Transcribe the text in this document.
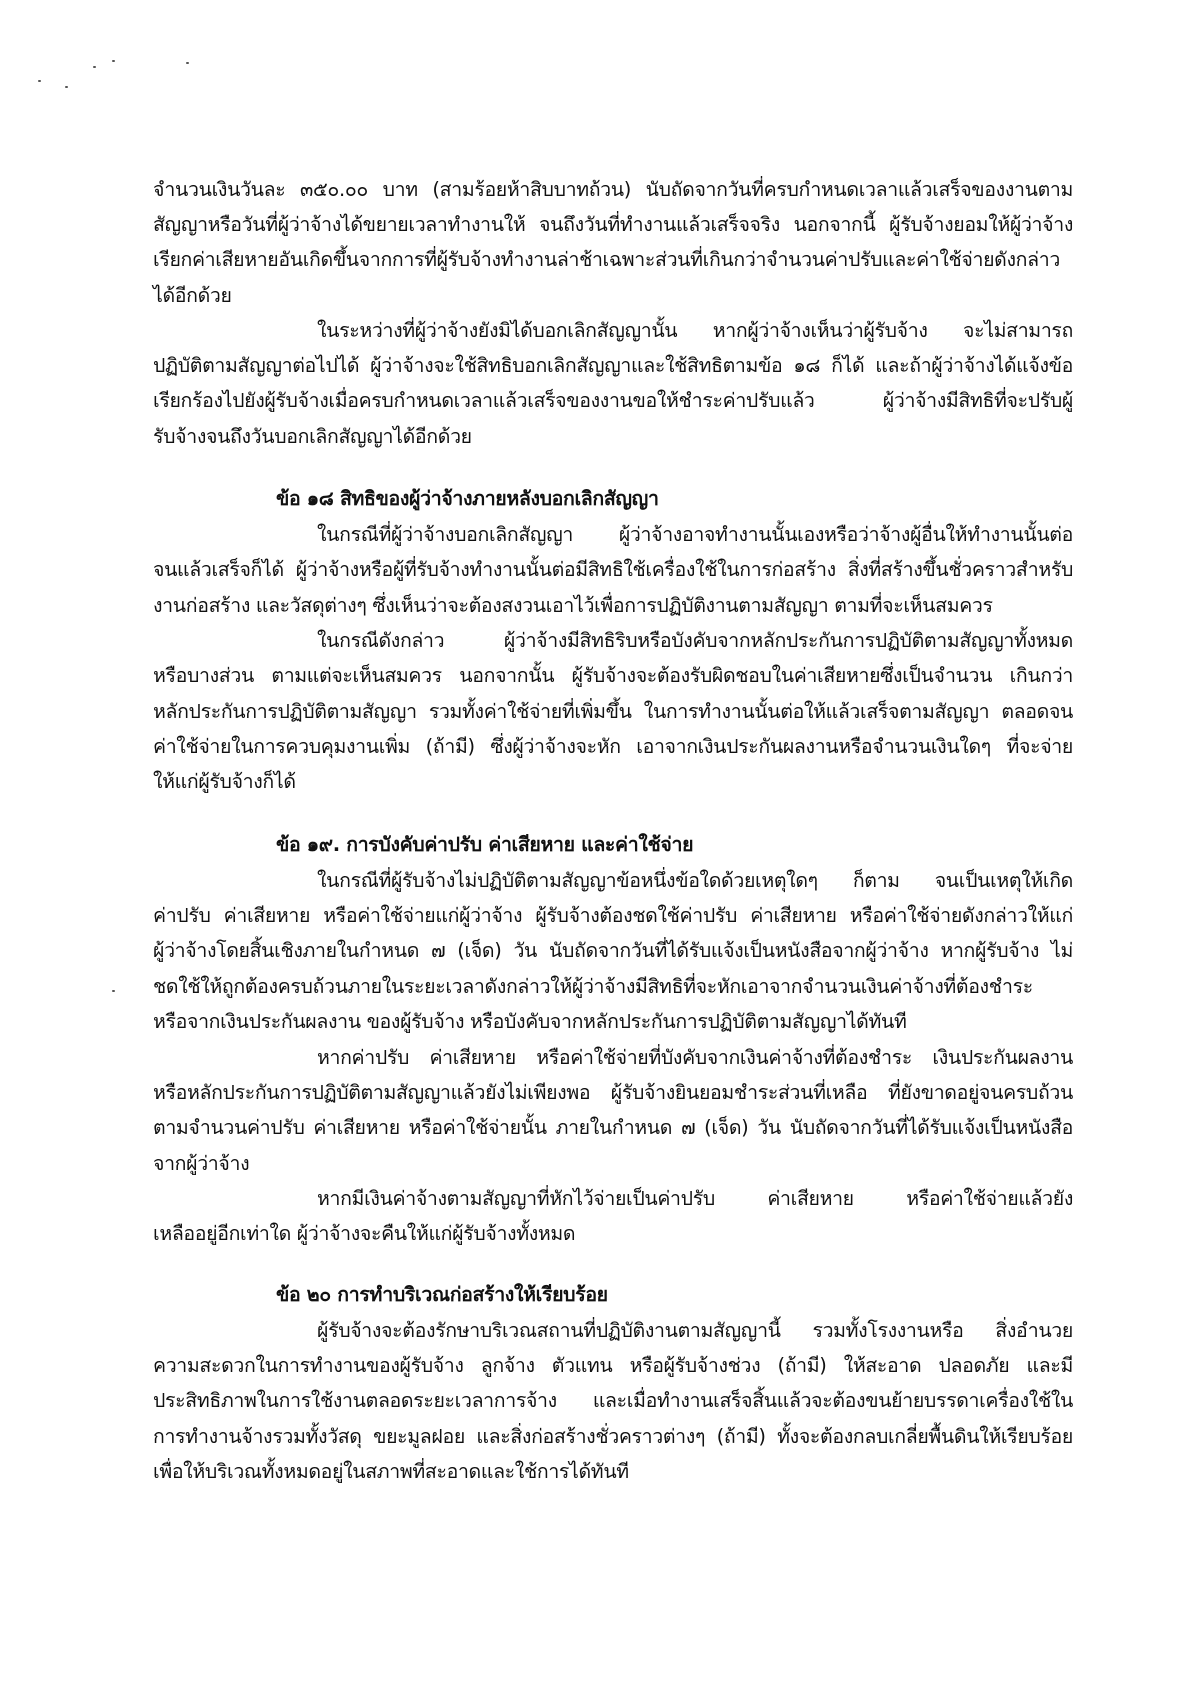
จำนวนเงินวันละ ๓๕๐.๐๐ บาท (สามร้อยห้าสิบบาทถ้วน) นับถัดจากวันที่ครบกำหนดเวลาแล้วเสร็จของงานตาม
สัญญาหรือวันที่ผู้ว่าจ้างได้ขยายเวลาทำงานให้ จนถึงวันที่ทำงานแล้วเสร็จจริง นอกจากนี้ ผู้รับจ้างยอมให้ผู้ว่าจ้าง
เรียกค่าเสียหายอันเกิดขึ้นจากการที่ผู้รับจ้างทำงานล่าช้าเฉพาะส่วนที่เกินกว่าจำนวนค่าปรับและค่าใช้จ่ายดังกล่าว
ได้อีกด้วย
ในระหว่างที่ผู้ว่าจ้างยังมิได้บอกเลิกสัญญานั้น หากผู้ว่าจ้างเห็นว่าผู้รับจ้าง จะไม่สามารถ
ปฏิบัติตามสัญญาต่อไปได้ ผู้ว่าจ้างจะใช้สิทธิบอกเลิกสัญญาและใช้สิทธิตามข้อ ๑๘ ก็ได้ และถ้าผู้ว่าจ้างได้แจ้งข้อ
เรียกร้องไปยังผู้รับจ้างเมื่อครบกำหนดเวลาแล้วเสร็จของงานขอให้ชำระค่าปรับแล้ว ผู้ว่าจ้างมีสิทธิที่จะปรับผู้
รับจ้างจนถึงวันบอกเลิกสัญญาได้อีกด้วย
ข้อ ๑๘ สิทธิของผู้ว่าจ้างภายหลังบอกเลิกสัญญา
ในกรณีที่ผู้ว่าจ้างบอกเลิกสัญญา ผู้ว่าจ้างอาจทำงานนั้นเองหรือว่าจ้างผู้อื่นให้ทำงานนั้นต่อ
จนแล้วเสร็จก็ได้ ผู้ว่าจ้างหรือผู้ที่รับจ้างทำงานนั้นต่อมีสิทธิใช้เครื่องใช้ในการก่อสร้าง สิ่งที่สร้างขึ้นชั่วคราวสำหรับ
งานก่อสร้าง และวัสดุต่างๆ ซึ่งเห็นว่าจะต้องสงวนเอาไว้เพื่อการปฏิบัติงานตามสัญญา ตามที่จะเห็นสมควร
ในกรณีดังกล่าว ผู้ว่าจ้างมีสิทธิริบหรือบังคับจากหลักประกันการปฏิบัติตามสัญญาทั้งหมด
หรือบางส่วน ตามแต่จะเห็นสมควร นอกจากนั้น ผู้รับจ้างจะต้องรับผิดชอบในค่าเสียหายซึ่งเป็นจำนวน เกินกว่า
หลักประกันการปฏิบัติตามสัญญา รวมทั้งค่าใช้จ่ายที่เพิ่มขึ้น ในการทำงานนั้นต่อให้แล้วเสร็จตามสัญญา ตลอดจน
ค่าใช้จ่ายในการควบคุมงานเพิ่ม (ถ้ามี) ซึ่งผู้ว่าจ้างจะหัก เอาจากเงินประกันผลงานหรือจำนวนเงินใดๆ ที่จะจ่าย
ให้แก่ผู้รับจ้างก็ได้
ข้อ ๑๙. การบังคับค่าปรับ ค่าเสียหาย และค่าใช้จ่าย
ในกรณีที่ผู้รับจ้างไม่ปฏิบัติตามสัญญาข้อหนึ่งข้อใดด้วยเหตุใดๆ ก็ตาม จนเป็นเหตุให้เกิด
ค่าปรับ ค่าเสียหาย หรือค่าใช้จ่ายแก่ผู้ว่าจ้าง ผู้รับจ้างต้องชดใช้ค่าปรับ ค่าเสียหาย หรือค่าใช้จ่ายดังกล่าวให้แก่
ผู้ว่าจ้างโดยสิ้นเชิงภายในกำหนด ๗ (เจ็ด) วัน นับถัดจากวันที่ได้รับแจ้งเป็นหนังสือจากผู้ว่าจ้าง หากผู้รับจ้าง ไม่
ชดใช้ให้ถูกต้องครบถ้วนภายในระยะเวลาดังกล่าวให้ผู้ว่าจ้างมีสิทธิที่จะหักเอาจากจำนวนเงินค่าจ้างที่ต้องชำระ
หรือจากเงินประกันผลงาน ของผู้รับจ้าง หรือบังคับจากหลักประกันการปฏิบัติตามสัญญาได้ทันที
หากค่าปรับ ค่าเสียหาย หรือค่าใช้จ่ายที่บังคับจากเงินค่าจ้างที่ต้องชำระ เงินประกันผลงาน
หรือหลักประกันการปฏิบัติตามสัญญาแล้วยังไม่เพียงพอ ผู้รับจ้างยินยอมชำระส่วนที่เหลือ ที่ยังขาดอยู่จนครบถ้วน
ตามจำนวนค่าปรับ ค่าเสียหาย หรือค่าใช้จ่ายนั้น ภายในกำหนด ๗ (เจ็ด) วัน นับถัดจากวันที่ได้รับแจ้งเป็นหนังสือ
จากผู้ว่าจ้าง
หากมีเงินค่าจ้างตามสัญญาที่หักไว้จ่ายเป็นค่าปรับ ค่าเสียหาย หรือค่าใช้จ่ายแล้วยัง
เหลืออยู่อีกเท่าใด ผู้ว่าจ้างจะคืนให้แก่ผู้รับจ้างทั้งหมด
ข้อ ๒๐ การทำบริเวณก่อสร้างให้เรียบร้อย
ผู้รับจ้างจะต้องรักษาบริเวณสถานที่ปฏิบัติงานตามสัญญานี้ รวมทั้งโรงงานหรือ สิ่งอำนวย
ความสะดวกในการทำงานของผู้รับจ้าง ลูกจ้าง ตัวแทน หรือผู้รับจ้างช่วง (ถ้ามี) ให้สะอาด ปลอดภัย และมี
ประสิทธิภาพในการใช้งานตลอดระยะเวลาการจ้าง และเมื่อทำงานเสร็จสิ้นแล้วจะต้องขนย้ายบรรดาเครื่องใช้ใน
การทำงานจ้างรวมทั้งวัสดุ ขยะมูลฝอย และสิ่งก่อสร้างชั่วคราวต่างๆ (ถ้ามี) ทั้งจะต้องกลบเกลี่ยพื้นดินให้เรียบร้อย
เพื่อให้บริเวณทั้งหมดอยู่ในสภาพที่สะอาดและใช้การได้ทันที
